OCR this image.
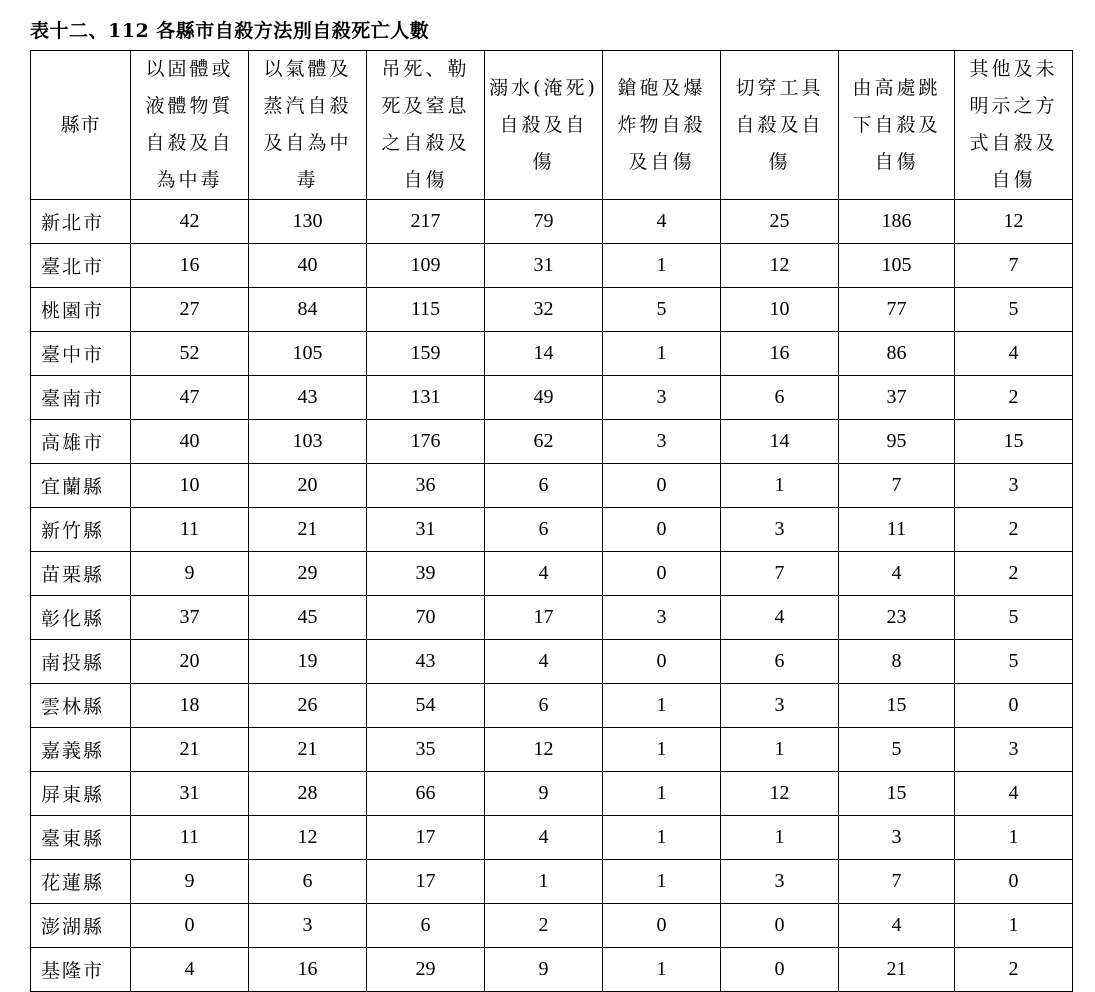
表十二、112 各縣市自殺方法別自殺死亡人數
縣市	以固體或液體物質自殺及自為中毒	以氣體及蒸汽自殺及自為中毒	吊死、勒死及窒息之自殺及自傷	溺水(淹死)自殺及自傷	鎗砲及爆炸物自殺及自傷	切穿工具自殺及自傷	由高處跳下自殺及自傷	其他及未明示之方式自殺及自傷
新北市	42	130	217	79	4	25	186	12
臺北市	16	40	109	31	1	12	105	7
桃園市	27	84	115	32	5	10	77	5
臺中市	52	105	159	14	1	16	86	4
臺南市	47	43	131	49	3	6	37	2
高雄市	40	103	176	62	3	14	95	15
宜蘭縣	10	20	36	6	0	1	7	3
新竹縣	11	21	31	6	0	3	11	2
苗栗縣	9	29	39	4	0	7	4	2
彰化縣	37	45	70	17	3	4	23	5
南投縣	20	19	43	4	0	6	8	5
雲林縣	18	26	54	6	1	3	15	0
嘉義縣	21	21	35	12	1	1	5	3
屏東縣	31	28	66	9	1	12	15	4
臺東縣	11	12	17	4	1	1	3	1
花蓮縣	9	6	17	1	1	3	7	0
澎湖縣	0	3	6	2	0	0	4	1
基隆市	4	16	29	9	1	0	21	2
